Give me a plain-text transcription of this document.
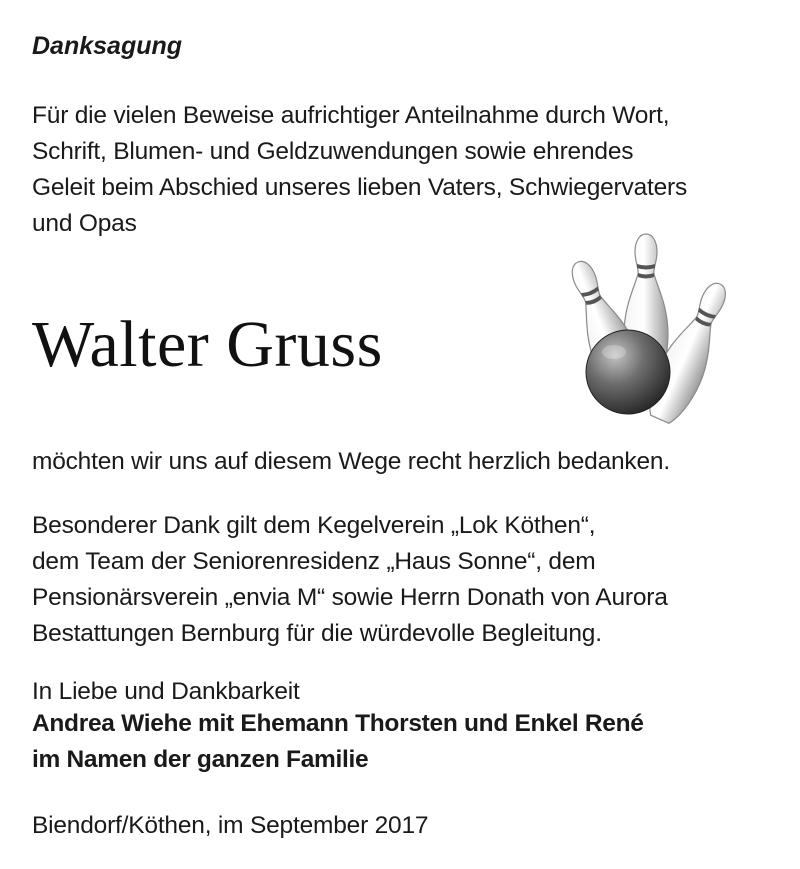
Danksagung
Für die vielen Beweise aufrichtiger Anteilnahme durch Wort,
Schrift, Blumen- und Geldzuwendungen sowie ehrendes
Geleit beim Abschied unseres lieben Vaters, Schwiegervaters
und Opas
Walter Gruss
möchten wir uns auf diesem Wege recht herzlich bedanken.
Besonderer Dank gilt dem Kegelverein „Lok Köthen“,
dem Team der Seniorenresidenz „Haus Sonne“, dem
Pensionärsverein „envia M“ sowie Herrn Donath von Aurora
Bestattungen Bernburg für die würdevolle Begleitung.
In Liebe und Dankbarkeit
Andrea Wiehe mit Ehemann Thorsten und Enkel René
im Namen der ganzen Familie
Biendorf/Köthen, im September 2017
